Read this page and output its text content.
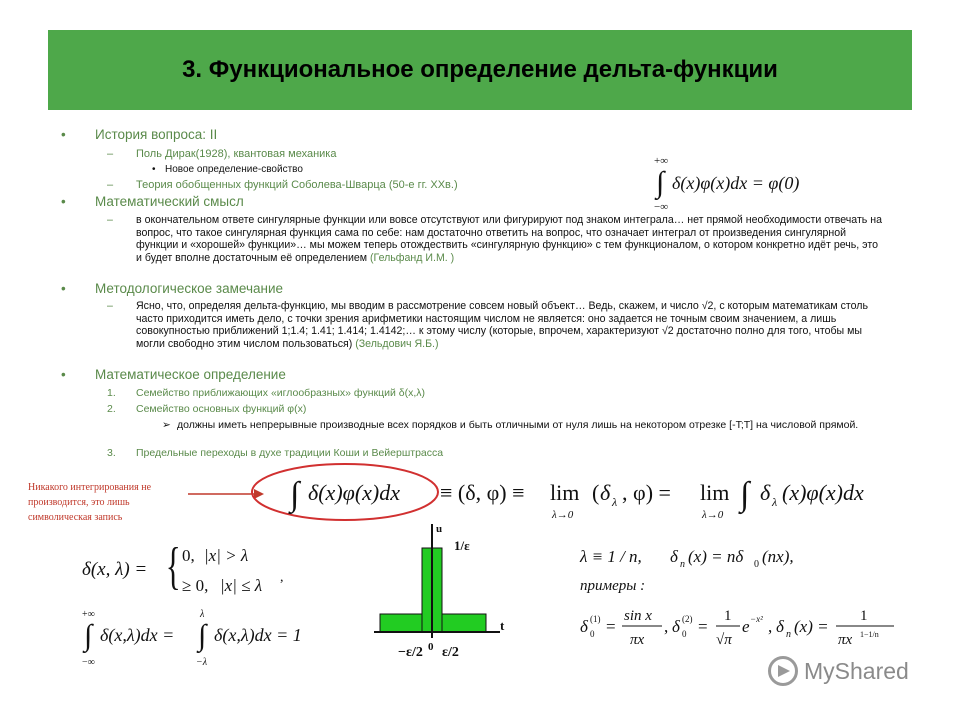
3. Функциональное определение дельта-функции
• История вопроса: II
– Поль Дирак(1928), квантовая механика
• Новое определение-свойство
– Теория обобщенных функций Соболева-Шварца (50-е гг. XXв.)
+∞
∫
−∞
δ(x)φ(x)dx = φ(0)
• Математический смысл
– в окончательном ответе сингулярные функции или вовсе отсутствуют или фигурируют под знаком интеграла… нет прямой необходимости отвечать на вопрос, что такое сингулярная функция сама по себе: нам достаточно ответить на вопрос, что означает интеграл от произведения сингулярной функции и «хорошей» функции»… мы можем теперь отождествить «сингулярную функцию» с тем функционалом, о котором конкретно идёт речь, это и будет вполне достаточным её определением (Гельфанд И.М. )
• Методологическое замечание
– Ясно, что, определяя дельта-функцию, мы вводим в рассмотрение совсем новый объект… Ведь, скажем, и число √2, с которым математикам столь часто приходится иметь дело, с точки зрения арифметики настоящим числом не является: оно задается не точным своим значением, а лишь совокупностью приближений 1;1.4; 1.41; 1.414; 1.4142;… к этому числу (которые, впрочем, характеризуют √2 достаточно полно для того, чтобы мы могли свободно этим числом пользоваться) (Зельдович Я.Б.)
• Математическое определение
1. Семейство приближающих «иглообразных» функций δ(x,λ)
2. Семейство основных функций φ(x)
➢ должны иметь непрерывные производные всех порядков и быть отличными от нуля лишь на некотором отрезке [-T;T] на числовой прямой.
3. Предельные переходы в духе традиции Коши и Вейерштрасса
Никакого интегрирования не производится, это лишь символическая запись
∫ δ(x)φ(x)dx ≡ (δ, φ) ≡ lim
λ→0
( δ λ , φ) = lim
λ→0
∫ δ λ (x)φ(x)dx
δ(x, λ) = { 0, |x| > λ
≥ 0, |x| ≤ λ ,
+∞
∫
−∞
δ(x,λ)dx =
λ
∫
−λ
δ(x,λ)dx = 1
u
t
1/ε
−ε/2 0 ε/2
λ ≡ 1 / n, δ n (x) = nδ 0 (nx),
примеры :
δ (1)
0 =
sin x
πx
, δ (2)
0 =
1
√π
e −x² , δ n (x) =
1
πx 1−1/n
MyShared
